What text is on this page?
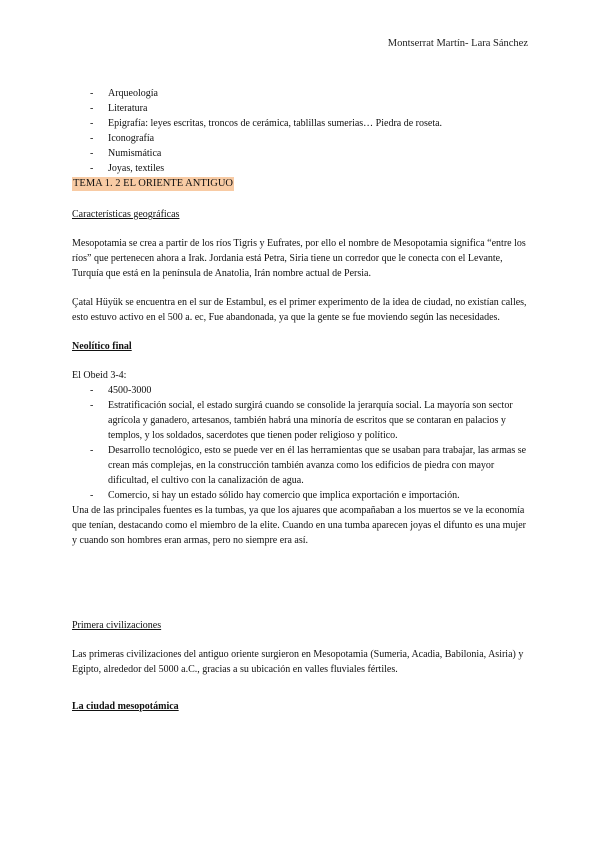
Montserrat Martín- Lara Sánchez
- Arqueología
- Literatura
- Epigrafía: leyes escritas, troncos de cerámica, tablillas sumerias… Piedra de roseta.
- Iconografía
- Numismática
- Joyas, textiles
TEMA 1. 2 EL ORIENTE ANTIGUO
Características geográficas

Mesopotamia se crea a partir de los ríos Tigris y Eufrates, por ello el nombre de Mesopotamia significa “entre los ríos” que pertenecen ahora a Irak. Jordania está Petra, Siria tiene un corredor que le conecta con el Levante, Turquía que está en la península de Anatolia, Irán nombre actual de Persia.

Çatal Hüyük se encuentra en el sur de Estambul, es el primer experimento de la idea de ciudad, no existían calles, esto estuvo activo en el 500 a. ec, Fue abandonada, ya que la gente se fue moviendo según las necesidades.

Neolítico final
El Obeid 3-4:
- 4500-3000
- Estratificación social, el estado surgirá cuando se consolide la jerarquía social. La mayoría son sector agrícola y ganadero, artesanos, también habrá una minoría de escritos que se contaran en palacios y templos, y los soldados, sacerdotes que tienen poder religioso y político.
- Desarrollo tecnológico, esto se puede ver en él las herramientas que se usaban para trabajar, las armas se crean más complejas, en la construcción también avanza como los edificios de piedra con mayor dificultad, el cultivo con la canalización de agua.
- Comercio, si hay un estado sólido hay comercio que implica exportación e importación.

Una de las principales fuentes es la tumbas, ya que los ajuares que acompañaban a los muertos se ve la economía que tenían, destacando como el miembro de la elite. Cuando en una tumba aparecen joyas el difunto es una mujer y cuando son hombres eran armas, pero no siempre era así.

Primera civilizaciones

Las primeras civilizaciones del antiguo oriente surgieron en Mesopotamia (Sumeria, Acadia, Babilonia, Asiria) y Egipto, alrededor del 5000 a.C., gracias a su ubicación en valles fluviales fértiles.

La ciudad mesopotámica
